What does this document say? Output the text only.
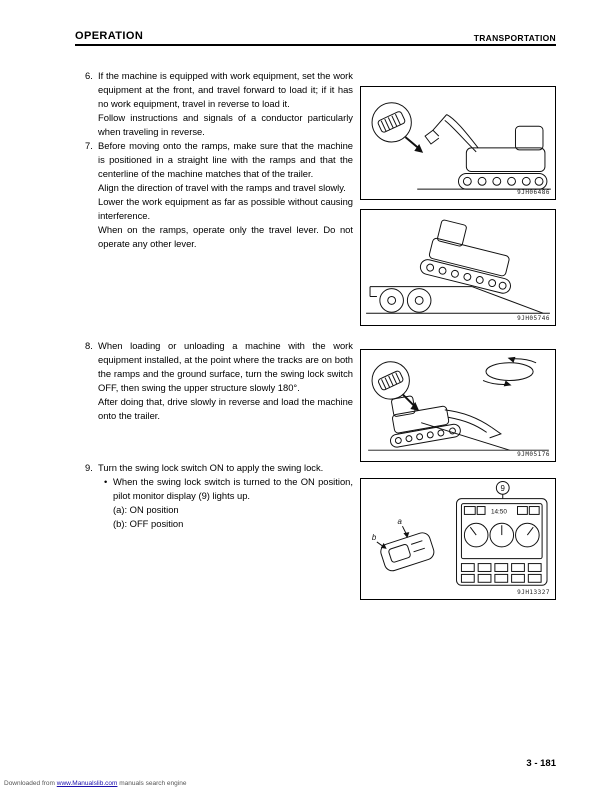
OPERATION	TRANSPORTATION
6. If the machine is equipped with work equipment, set the work equipment at the front, and travel forward to load it; if it has no work equipment, travel in reverse to load it.

Follow instructions and signals of a conductor particularly when traveling in reverse.

7. Before moving onto the ramps, make sure that the machine is positioned in a straight line with the ramps and that the centerline of the machine matches that of the trailer.

Align the direction of travel with the ramps and travel slowly.

Lower the work equipment as far as possible without causing interference.

When on the ramps, operate only the travel lever. Do not operate any other lever.

8. When loading or unloading a machine with the work equipment installed, at the point where the tracks are on both the ramps and the ground surface, turn the swing lock switch OFF, then swing the upper structure slowly 180°.

After doing that, drive slowly in reverse and load the machine onto the trailer.

9. Turn the swing lock switch ON to apply the swing lock.

• When the swing lock switch is turned to the ON position, pilot monitor display (9) lights up.

(a): ON position
(b): OFF position
9JH06486
9JH05746
9JM05176
a
b
9
14:50
9JH13327
3 - 181
Downloaded from www.Manualslib.com manuals search engine
